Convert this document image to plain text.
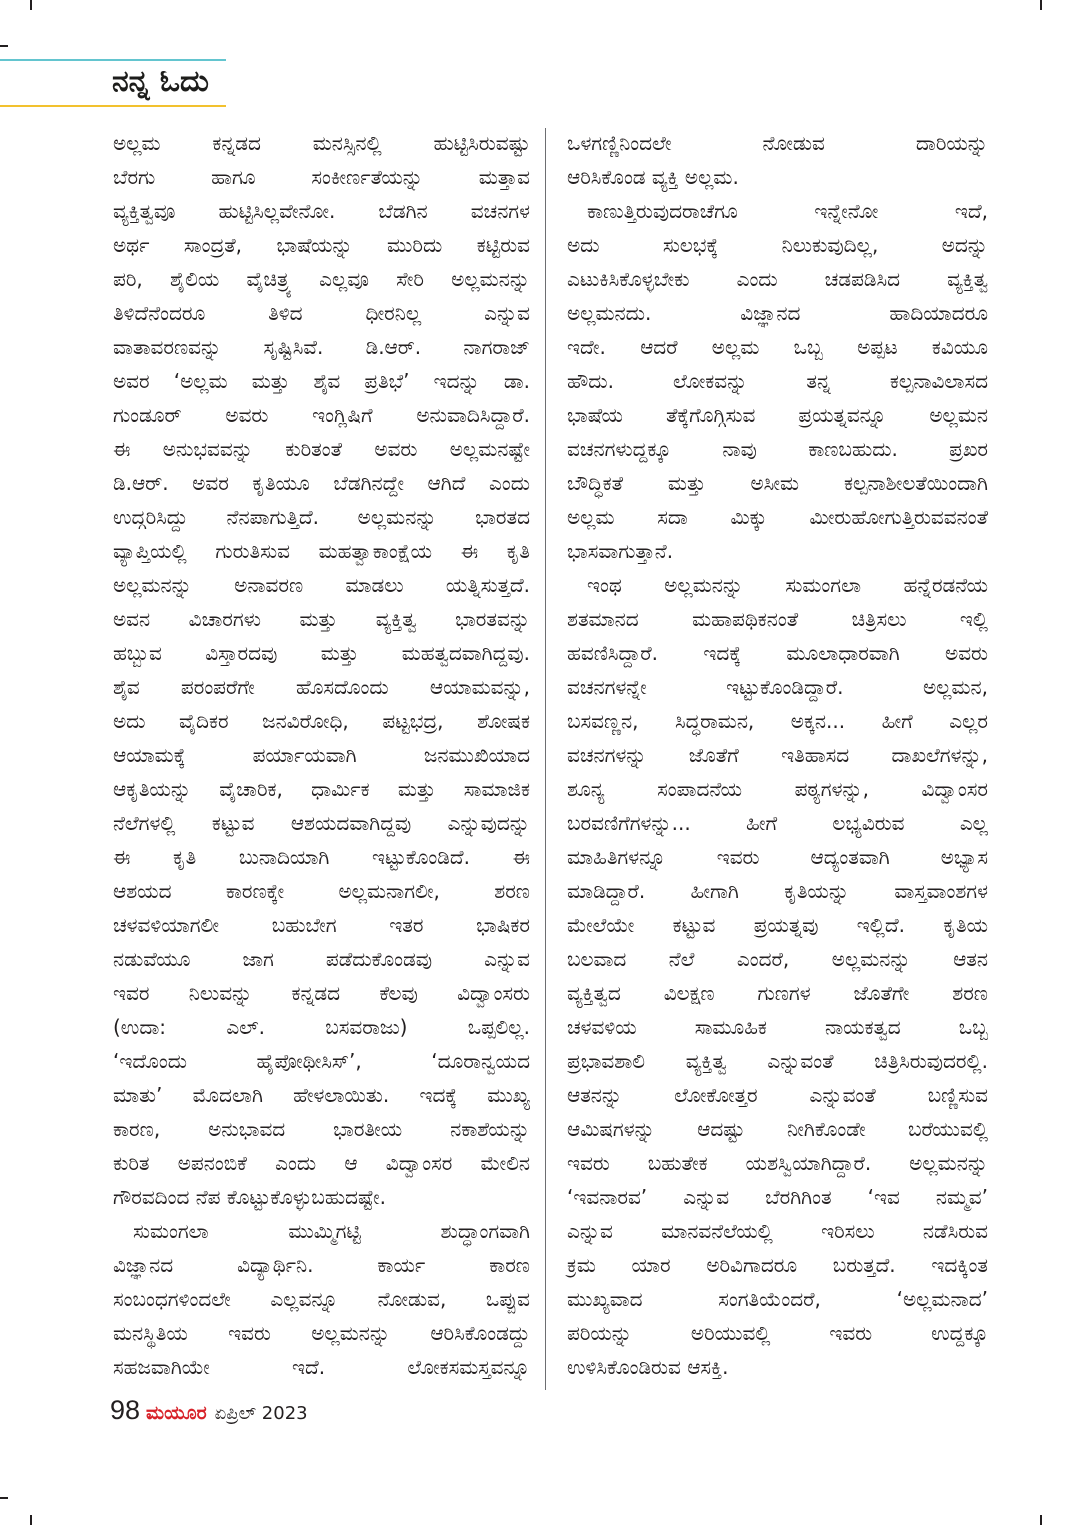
ನನ್ನ ಓದು
ಅಲ್ಲಮ ಕನ್ನಡದ ಮನಸ್ಸಿನಲ್ಲಿ ಹುಟ್ಟಿಸಿರುವಷ್ಟು
ಬೆರಗು ಹಾಗೂ ಸಂಕೀರ್ಣತೆಯನ್ನು ಮತ್ತಾವ
ವ್ಯಕ್ತಿತ್ವವೂ ಹುಟ್ಟಿಸಿಲ್ಲವೇನೋ. ಬೆಡಗಿನ ವಚನಗಳ
ಅರ್ಥ ಸಾಂದ್ರತೆ, ಭಾಷೆಯನ್ನು ಮುರಿದು ಕಟ್ಟಿರುವ
ಪರಿ, ಶೈಲಿಯ ವೈಚಿತ್ರ್ಯ ಎಲ್ಲವೂ ಸೇರಿ ಅಲ್ಲಮನನ್ನು
ತಿಳಿದೆನೆಂದರೂ ತಿಳಿದ ಧೀರನಿಲ್ಲ ಎನ್ನುವ
ವಾತಾವರಣವನ್ನು ಸೃಷ್ಟಿಸಿವೆ. ಡಿ.ಆರ್. ನಾಗರಾಜ್
ಅವರ ‘ಅಲ್ಲಮ ಮತ್ತು ಶೈವ ಪ್ರತಿಭೆ’ ಇದನ್ನು ಡಾ.
ಗುಂಡೂರ್ ಅವರು ಇಂಗ್ಲಿಷಿಗೆ ಅನುವಾದಿಸಿದ್ದಾರೆ.
ಈ ಅನುಭವವನ್ನು ಕುರಿತಂತೆ ಅವರು ಅಲ್ಲಮನಷ್ಟೇ
ಡಿ.ಆರ್. ಅವರ ಕೃತಿಯೂ ಬೆಡಗಿನದ್ದೇ ಆಗಿದೆ ಎಂದು
ಉದ್ಗರಿಸಿದ್ದು ನೆನಪಾಗುತ್ತಿದೆ. ಅಲ್ಲಮನನ್ನು ಭಾರತದ
ವ್ಯಾಪ್ತಿಯಲ್ಲಿ ಗುರುತಿಸುವ ಮಹತ್ವಾಕಾಂಕ್ಷೆಯ ಈ ಕೃತಿ
ಅಲ್ಲಮನನ್ನು ಅನಾವರಣ ಮಾಡಲು ಯತ್ನಿಸುತ್ತದೆ.
ಅವನ ವಿಚಾರಗಳು ಮತ್ತು ವ್ಯಕ್ತಿತ್ವ ಭಾರತವನ್ನು
ಹಬ್ಬುವ ವಿಸ್ತಾರದವು ಮತ್ತು ಮಹತ್ವದವಾಗಿದ್ದವು.
ಶೈವ ಪರಂಪರೆಗೇ ಹೊಸದೊಂದು ಆಯಾಮವನ್ನು,
ಅದು ವೈದಿಕರ ಜನವಿರೋಧಿ, ಪಟ್ಟಭದ್ರ, ಶೋಷಕ
ಆಯಾಮಕ್ಕೆ ಪರ್ಯಾಯವಾಗಿ ಜನಮುಖಿಯಾದ
ಆಕೃತಿಯನ್ನು ವೈಚಾರಿಕ, ಧಾರ್ಮಿಕ ಮತ್ತು ಸಾಮಾಜಿಕ
ನೆಲೆಗಳಲ್ಲಿ ಕಟ್ಟುವ ಆಶಯದವಾಗಿದ್ದವು ಎನ್ನುವುದನ್ನು
ಈ ಕೃತಿ ಬುನಾದಿಯಾಗಿ ಇಟ್ಟುಕೊಂಡಿದೆ. ಈ
ಆಶಯದ ಕಾರಣಕ್ಕೇ ಅಲ್ಲಮನಾಗಲೀ, ಶರಣ
ಚಳವಳಿಯಾಗಲೀ ಬಹುಬೇಗ ಇತರ ಭಾಷಿಕರ
ನಡುವೆಯೂ ಜಾಗ ಪಡೆದುಕೊಂಡವು ಎನ್ನುವ
ಇವರ ನಿಲುವನ್ನು ಕನ್ನಡದ ಕೆಲವು ವಿದ್ವಾಂಸರು
(ಉದಾ: ಎಲ್. ಬಸವರಾಜು) ಒಪ್ಪಲಿಲ್ಲ.
‘ಇದೊಂದು ಹೈಪೋಥೀಸಿಸ್’, ‘ದೂರಾನ್ವಯದ
ಮಾತು’ ಮೊದಲಾಗಿ ಹೇಳಲಾಯಿತು. ಇದಕ್ಕೆ ಮುಖ್ಯ
ಕಾರಣ, ಅನುಭಾವದ ಭಾರತೀಯ ನಕಾಶೆಯನ್ನು
ಕುರಿತ ಅಪನಂಬಿಕೆ ಎಂದು ಆ ವಿದ್ವಾಂಸರ ಮೇಲಿನ
ಗೌರವದಿಂದ ನೆಪ ಕೊಟ್ಟುಕೊಳ್ಳುಬಹುದಷ್ಟೇ.
ಸುಮಂಗಲಾ ಮುಮ್ಮಿಗಟ್ಟಿ ಶುದ್ಧಾಂಗವಾಗಿ
ವಿಜ್ಞಾನದ ವಿದ್ಯಾರ್ಥಿನಿ. ಕಾರ್ಯ ಕಾರಣ
ಸಂಬಂಧಗಳಿಂದಲೇ ಎಲ್ಲವನ್ನೂ ನೋಡುವ, ಒಪ್ಪುವ
ಮನಸ್ಥಿತಿಯ ಇವರು ಅಲ್ಲಮನನ್ನು ಆರಿಸಿಕೊಂಡದ್ದು
ಸಹಜವಾಗಿಯೇ ಇದೆ. ಲೋಕಸಮಸ್ತವನ್ನೂ
ಒಳಗಣ್ಣಿನಿಂದಲೇ ನೋಡುವ ದಾರಿಯನ್ನು
ಆರಿಸಿಕೊಂಡ ವ್ಯಕ್ತಿ ಅಲ್ಲಮ.
ಕಾಣುತ್ತಿರುವುದರಾಚೆಗೂ ಇನ್ನೇನೋ ಇದೆ,
ಅದು ಸುಲಭಕ್ಕೆ ನಿಲುಕುವುದಿಲ್ಲ, ಅದನ್ನು
ಎಟುಕಿಸಿಕೊಳ್ಳಬೇಕು ಎಂದು ಚಡಪಡಿಸಿದ ವ್ಯಕ್ತಿತ್ವ
ಅಲ್ಲಮನದು. ವಿಜ್ಞಾನದ ಹಾದಿಯಾದರೂ
ಇದೇ. ಆದರೆ ಅಲ್ಲಮ ಒಬ್ಬ ಅಪ್ಪಟ ಕವಿಯೂ
ಹೌದು. ಲೋಕವನ್ನು ತನ್ನ ಕಲ್ಪನಾವಿಲಾಸದ
ಭಾಷೆಯ ತೆಕ್ಕೆಗೊಗ್ಗಿಸುವ ಪ್ರಯತ್ನವನ್ನೂ ಅಲ್ಲಮನ
ವಚನಗಳುದ್ದಕ್ಕೂ ನಾವು ಕಾಣಬಹುದು. ಪ್ರಖರ
ಬೌದ್ಧಿಕತೆ ಮತ್ತು ಅಸೀಮ ಕಲ್ಪನಾಶೀಲತೆಯಿಂದಾಗಿ
ಅಲ್ಲಮ ಸದಾ ಮಿಕ್ಕು ಮೀರುಹೋಗುತ್ತಿರುವವನಂತೆ
ಭಾಸವಾಗುತ್ತಾನೆ.
ಇಂಥ ಅಲ್ಲಮನನ್ನು ಸುಮಂಗಲಾ ಹನ್ನೆರಡನೆಯ
ಶತಮಾನದ ಮಹಾಪಥಿಕನಂತೆ ಚಿತ್ರಿಸಲು ಇಲ್ಲಿ
ಹವಣಿಸಿದ್ದಾರೆ. ಇದಕ್ಕೆ ಮೂಲಾಧಾರವಾಗಿ ಅವರು
ವಚನಗಳನ್ನೇ ಇಟ್ಟುಕೊಂಡಿದ್ದಾರೆ. ಅಲ್ಲಮನ,
ಬಸವಣ್ಣನ, ಸಿದ್ಧರಾಮನ, ಅಕ್ಕನ... ಹೀಗೆ ಎಲ್ಲರ
ವಚನಗಳನ್ನು ಜೊತೆಗೆ ಇತಿಹಾಸದ ದಾಖಲೆಗಳನ್ನು,
ಶೂನ್ಯ ಸಂಪಾದನೆಯ ಪಠ್ಯಗಳನ್ನು, ವಿದ್ವಾಂಸರ
ಬರವಣಿಗೆಗಳನ್ನು... ಹೀಗೆ ಲಭ್ಯವಿರುವ ಎಲ್ಲ
ಮಾಹಿತಿಗಳನ್ನೂ ಇವರು ಆದ್ಯಂತವಾಗಿ ಅಭ್ಯಾಸ
ಮಾಡಿದ್ದಾರೆ. ಹೀಗಾಗಿ ಕೃತಿಯನ್ನು ವಾಸ್ತವಾಂಶಗಳ
ಮೇಲೆಯೇ ಕಟ್ಟುವ ಪ್ರಯತ್ನವು ಇಲ್ಲಿದೆ. ಕೃತಿಯ
ಬಲವಾದ ನೆಲೆ ಎಂದರೆ, ಅಲ್ಲಮನನ್ನು ಆತನ
ವ್ಯಕ್ತಿತ್ವದ ವಿಲಕ್ಷಣ ಗುಣಗಳ ಜೊತೆಗೇ ಶರಣ
ಚಳವಳಿಯ ಸಾಮೂಹಿಕ ನಾಯಕತ್ವದ ಒಬ್ಬ
ಪ್ರಭಾವಶಾಲಿ ವ್ಯಕ್ತಿತ್ವ ಎನ್ನುವಂತೆ ಚಿತ್ರಿಸಿರುವುದರಲ್ಲಿ.
ಆತನನ್ನು ಲೋಕೋತ್ತರ ಎನ್ನುವಂತೆ ಬಣ್ಣಿಸುವ
ಆಮಿಷಗಳನ್ನು ಆದಷ್ಟು ನೀಗಿಕೊಂಡೇ ಬರೆಯುವಲ್ಲಿ
ಇವರು ಬಹುತೇಕ ಯಶಸ್ವಿಯಾಗಿದ್ದಾರೆ. ಅಲ್ಲಮನನ್ನು
‘ಇವನಾರವ’ ಎನ್ನುವ ಬೆರಗಿಗಿಂತ ‘ಇವ ನಮ್ಮವ’
ಎನ್ನುವ ಮಾನವನೆಲೆಯಲ್ಲಿ ಇರಿಸಲು ನಡೆಸಿರುವ
ಕ್ರಮ ಯಾರ ಅರಿವಿಗಾದರೂ ಬರುತ್ತದೆ. ಇದಕ್ಕಿಂತ
ಮುಖ್ಯವಾದ ಸಂಗತಿಯೆಂದರೆ, ‘ಅಲ್ಲಮನಾದ’
ಪರಿಯನ್ನು ಅರಿಯುವಲ್ಲಿ ಇವರು ಉದ್ದಕ್ಕೂ
ಉಳಿಸಿಕೊಂಡಿರುವ ಆಸಕ್ತಿ.
98 ಮಯೂರ ಏಪ್ರಿಲ್ 2023
